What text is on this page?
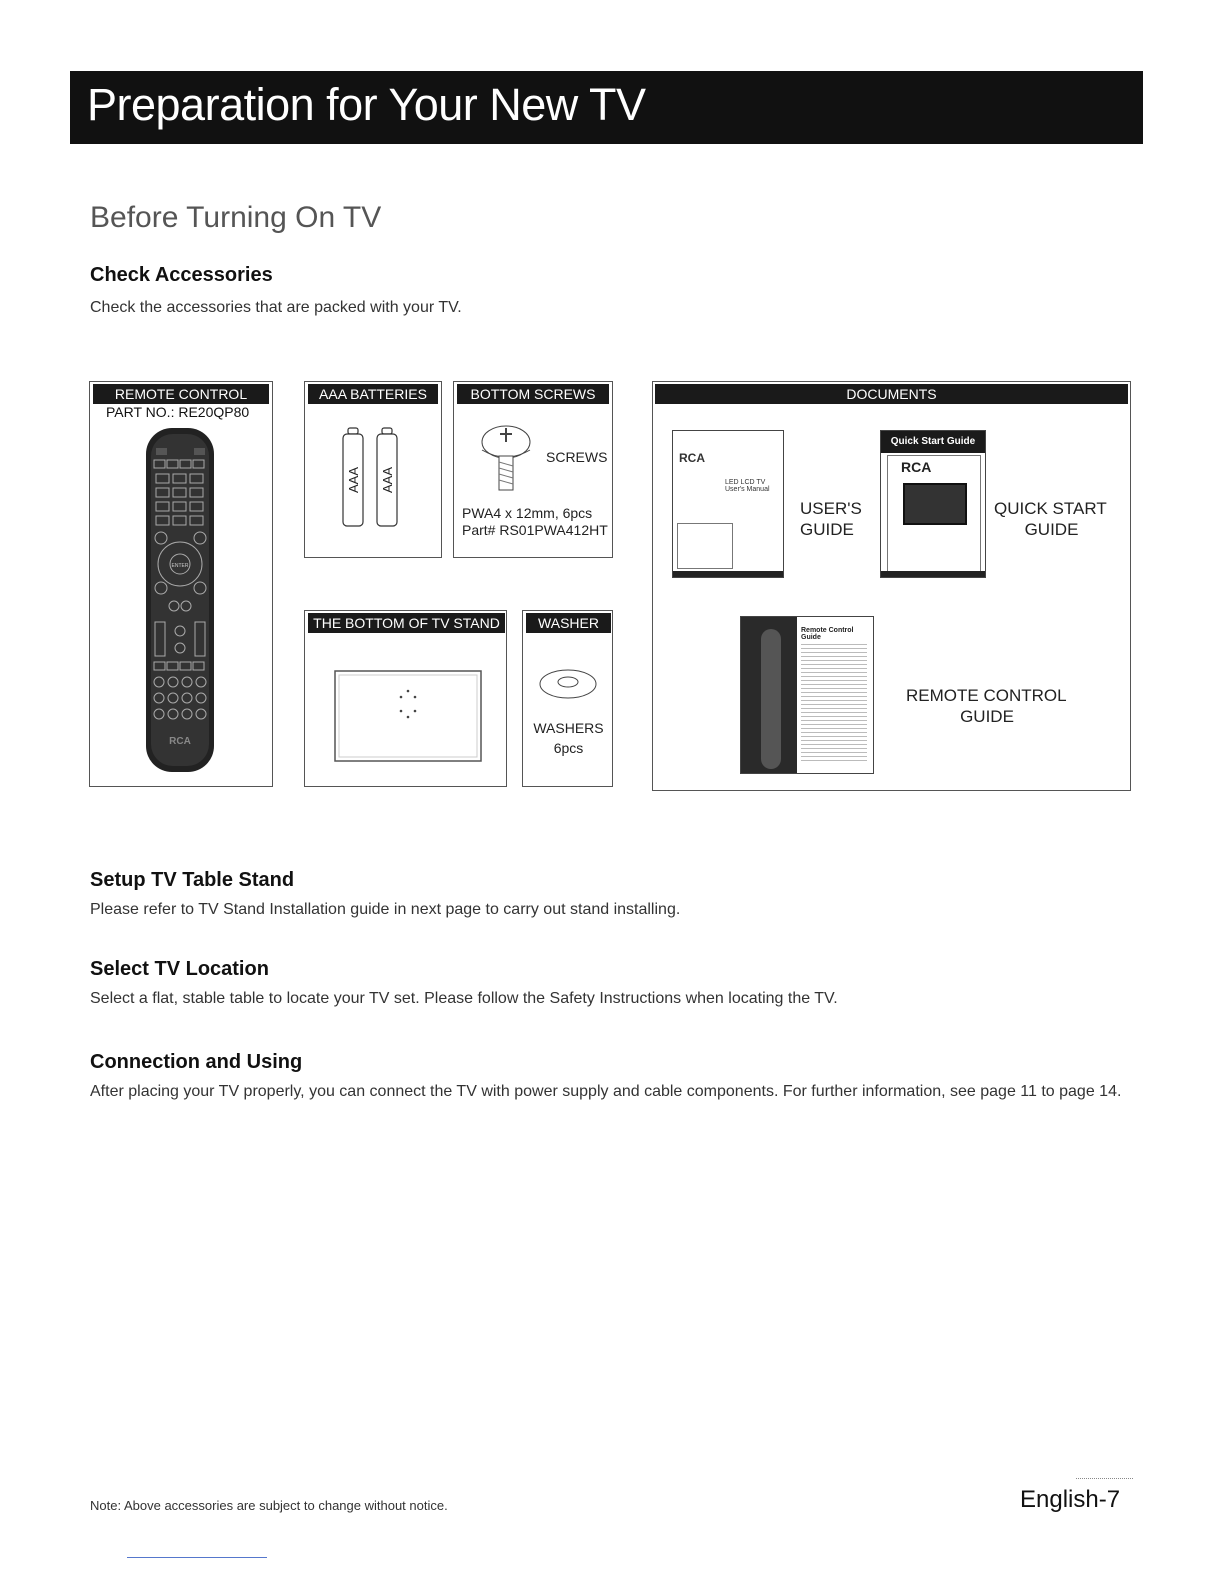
Preparation for Your New TV
Before Turning On TV
Check Accessories
Check the accessories that are packed with your TV.
REMOTE CONTROL
PART NO.: RE20QP80
ENTER
RCA
AAA BATTERIES
AAA AAA
BOTTOM SCREWS
SCREWS
PWA4 x 12mm, 6pcs
Part# RS01PWA412HT
THE BOTTOM OF TV STAND	WASHER
WASHERS
6pcs
DOCUMENTS
RCA
LED LCD TV User's Manual
USER'S
GUIDE
Quick Start Guide
RCA
QUICK START
GUIDE
Remote Control Guide
REMOTE CONTROL
GUIDE
Setup TV Table Stand
Please refer to TV Stand Installation guide in next page to carry out stand installing.
Select TV Location
Select a flat, stable table to locate your TV set. Please follow the Safety Instructions when locating the TV.
Connection and Using
After placing your TV properly, you can connect the TV with power supply and cable components. For further information, see page 11 to page 14.
Note: Above accessories are subject to change without notice.	English-7
